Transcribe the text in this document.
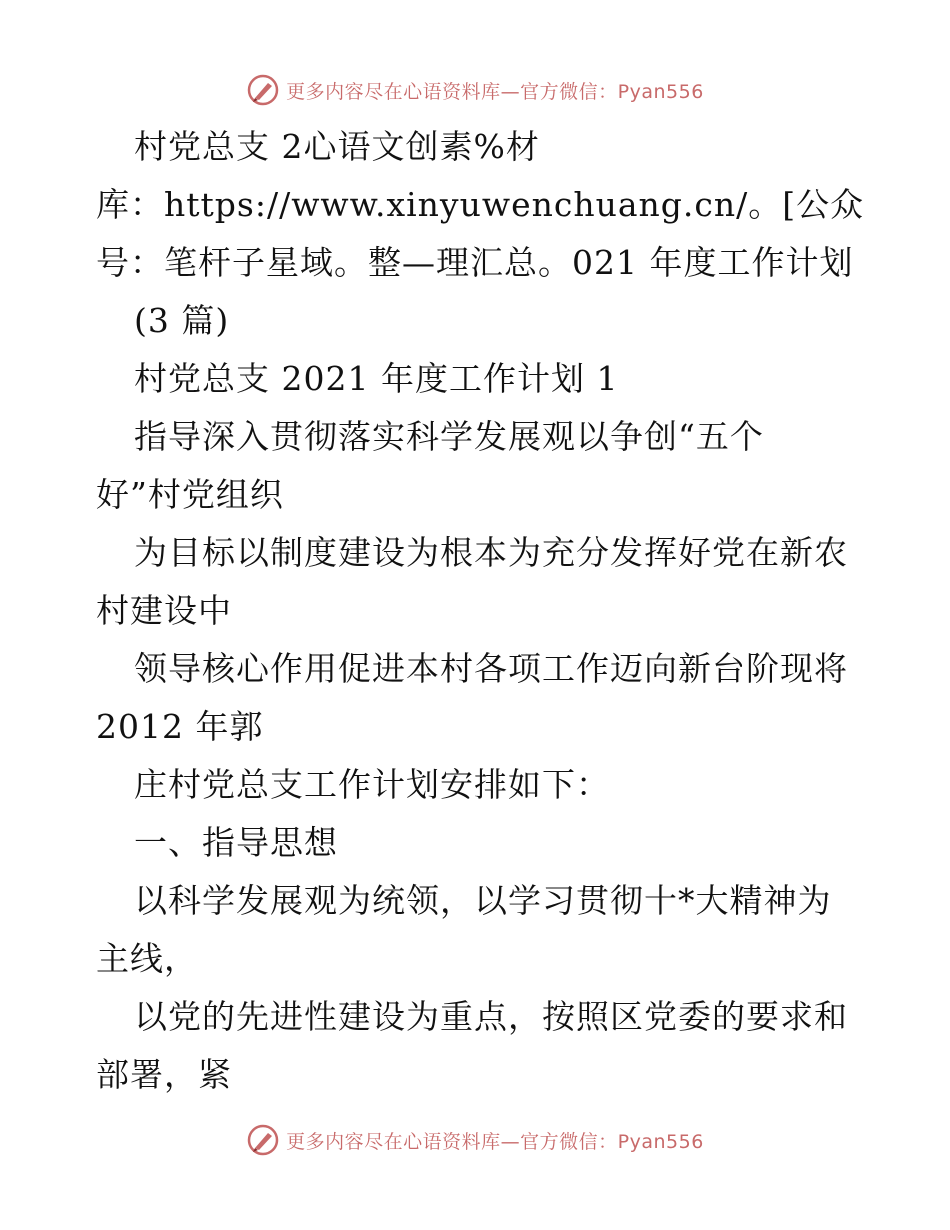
更多内容尽在心语资料库—官方微信：Pyan556
村党总支 2心语文创素%材
库：https://www.xinyuwenchuang.cn/。[公众
号：笔杆子星域。整—理汇总。021 年度工作计划
(3 篇)
村党总支 2021 年度工作计划 1
指导深入贯彻落实科学发展观以争创“五个
好”村党组织
为目标以制度建设为根本为充分发挥好党在新农
村建设中
领导核心作用促进本村各项工作迈向新台阶现将
2012 年郭
庄村党总支工作计划安排如下：
一、指导思想
以科学发展观为统领，以学习贯彻十*大精神为
主线，
以党的先进性建设为重点，按照区党委的要求和
部署，紧
更多内容尽在心语资料库—官方微信：Pyan556
